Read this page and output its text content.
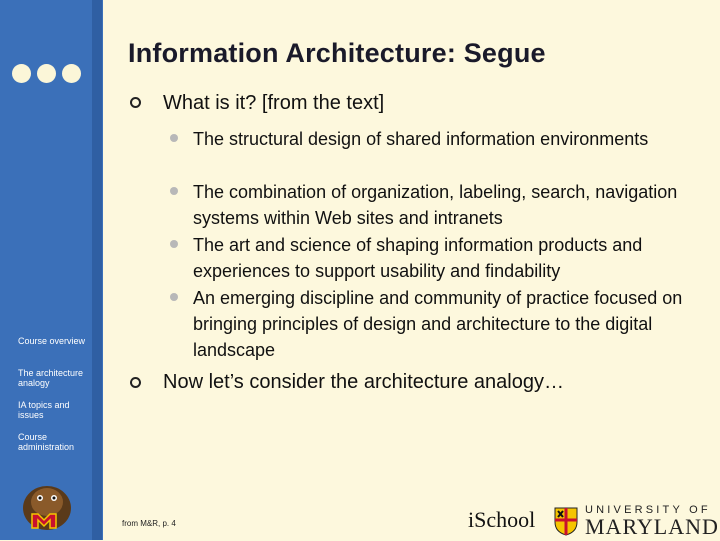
Course overview
The architecture analogy
IA topics and issues
Course administration
Information Architecture: Segue
What is it? [from the text]
The structural design of shared information environments
The combination of organization, labeling, search, navigation systems within Web sites and intranets
The art and science of shaping information products and experiences to support usability and findability
An emerging discipline and community of practice focused on bringing principles of design and architecture to the digital landscape
Now let’s consider the architecture analogy…
from M&R, p. 4	iSchool	UNIVERSITY OF
MARYLAND
